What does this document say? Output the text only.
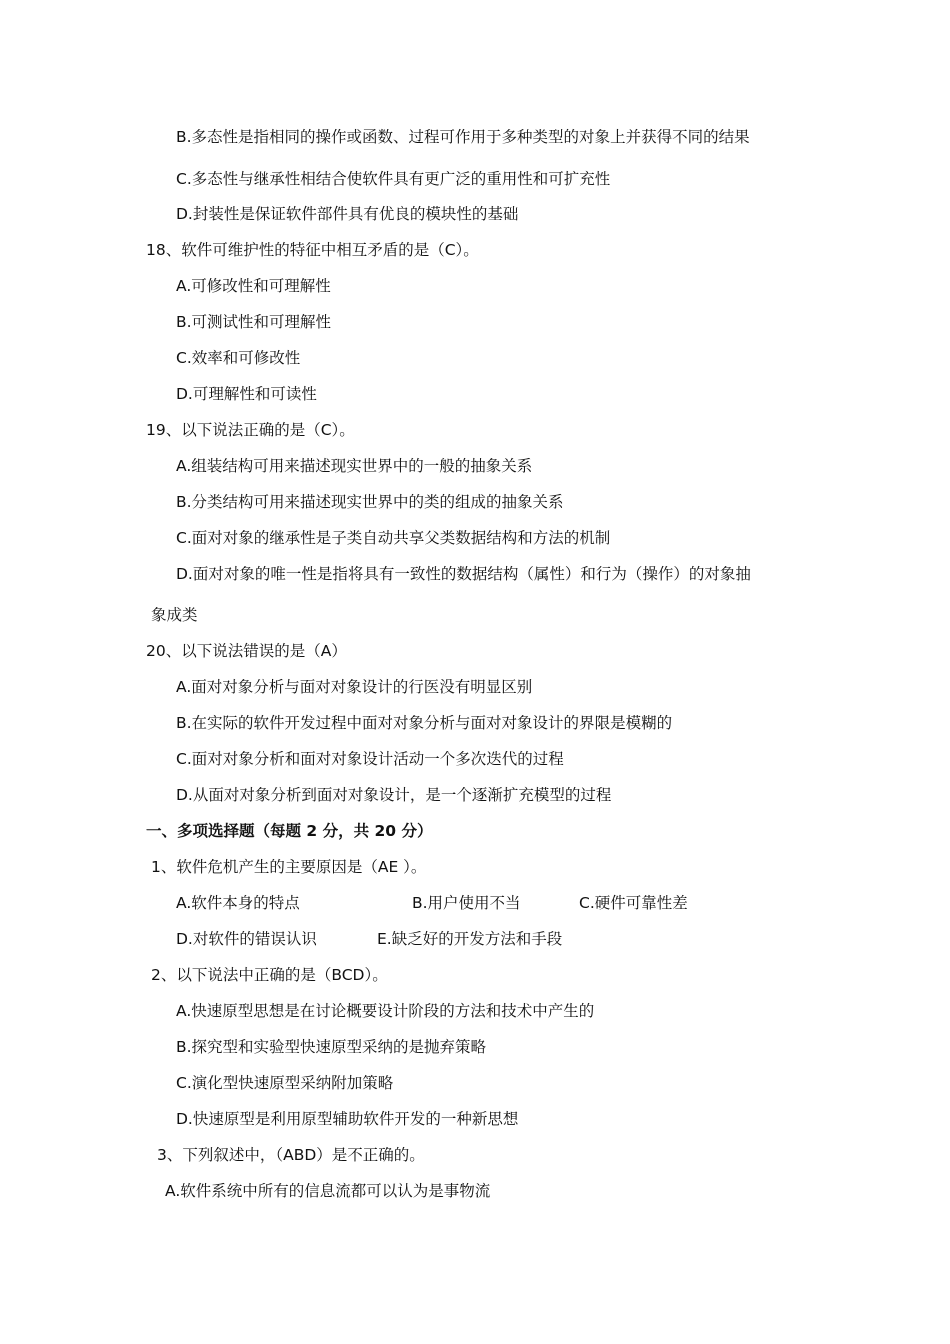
B.多态性是指相同的操作或函数、过程可作用于多种类型的对象上并获得不同的结果
C.多态性与继承性相结合使软件具有更广泛的重用性和可扩充性
D.封装性是保证软件部件具有优良的模块性的基础
18、软件可维护性的特征中相互矛盾的是（C）。
A.可修改性和可理解性
B.可测试性和可理解性
C.效率和可修改性
D.可理解性和可读性
19、以下说法正确的是（C）。
A.组装结构可用来描述现实世界中的一般的抽象关系
B.分类结构可用来描述现实世界中的类的组成的抽象关系
C.面对对象的继承性是子类自动共享父类数据结构和方法的机制
D.面对对象的唯一性是指将具有一致性的数据结构（属性）和行为（操作）的对象抽
象成类
20、以下说法错误的是（A）
A.面对对象分析与面对对象设计的行医没有明显区别
B.在实际的软件开发过程中面对对象分析与面对对象设计的界限是模糊的
C.面对对象分析和面对对象设计活动一个多次迭代的过程
D.从面对对象分析到面对对象设计，是一个逐渐扩充模型的过程
一、多项选择题（每题 2 分，共 20 分）
1、软件危机产生的主要原因是（AE ）。
A.软件本身的特点	B.用户使用不当	C.硬件可靠性差
D.对软件的错误认识	E.缺乏好的开发方法和手段
2、以下说法中正确的是（BCD）。
A.快速原型思想是在讨论概要设计阶段的方法和技术中产生的
B.探究型和实验型快速原型采纳的是抛弃策略
C.演化型快速原型采纳附加策略
D.快速原型是利用原型辅助软件开发的一种新思想
3、下列叙述中，（ABD）是不正确的。
A.软件系统中所有的信息流都可以认为是事物流
